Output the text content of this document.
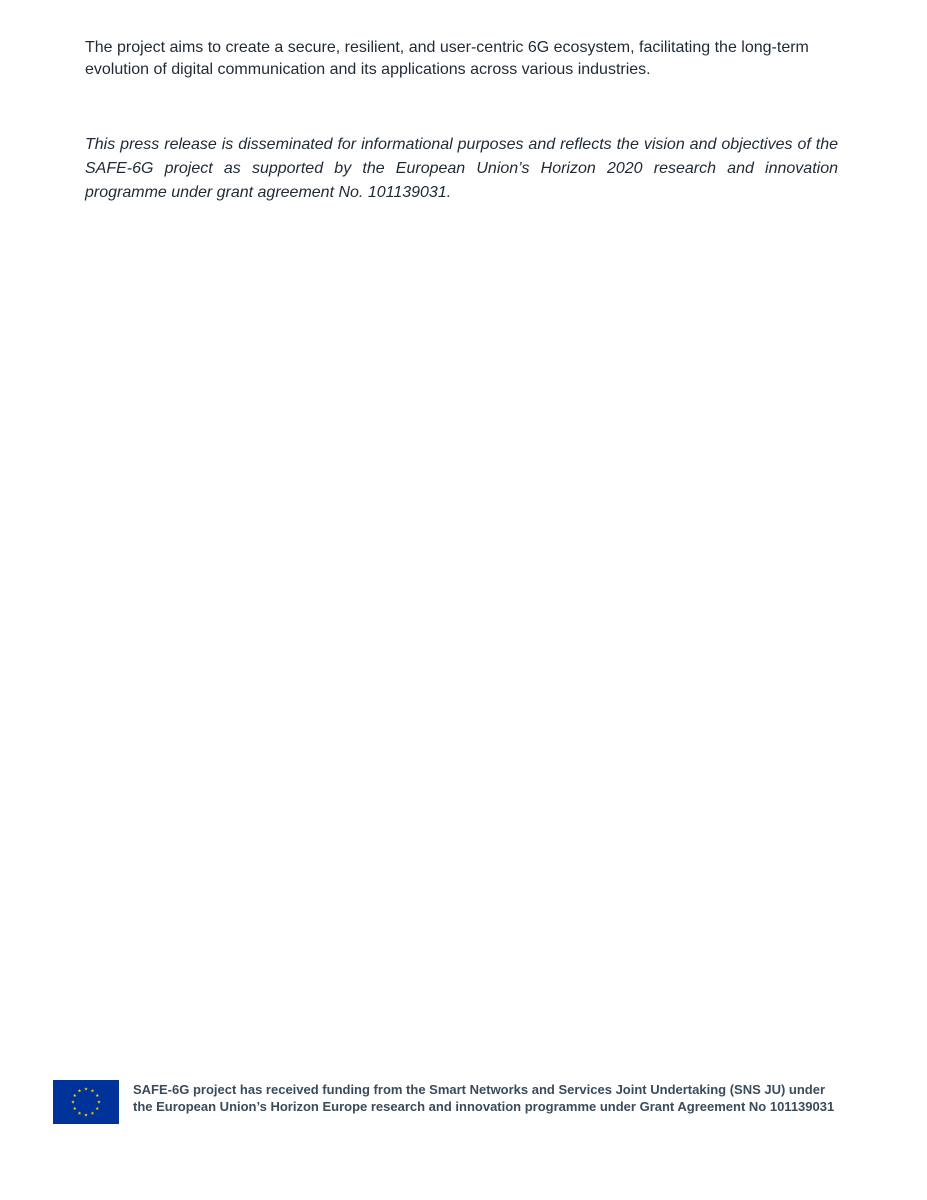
The project aims to create a secure, resilient, and user-centric 6G ecosystem, facilitating the long-term evolution of digital communication and its applications across various industries.

This press release is disseminated for informational purposes and reflects the vision and objectives of the SAFE-6G project as supported by the European Union’s Horizon 2020 research and innovation programme under grant agreement No. 101139031.

SAFE-6G project has received funding from the Smart Networks and Services Joint Undertaking (SNS JU) under the European Union’s Horizon Europe research and innovation programme under Grant Agreement No 101139031
